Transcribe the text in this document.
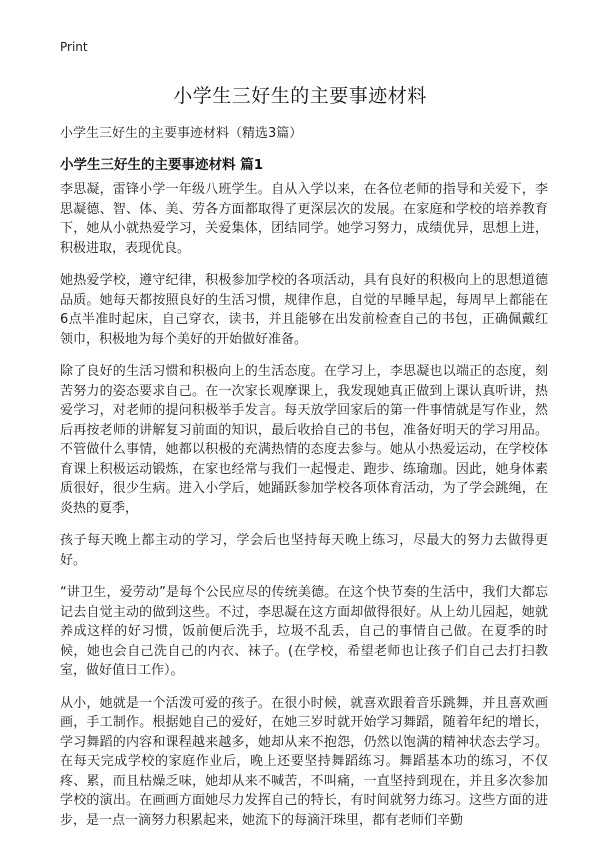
Print
小学生三好生的主要事迹材料
小学生三好生的主要事迹材料（精选3篇）
小学生三好生的主要事迹材料 篇1

李思凝，雷锋小学一年级八班学生。自从入学以来，在各位老师的指导和关爱下，李思凝德、智、体、美、劳各方面都取得了更深层次的发展。在家庭和学校的培养教育下，她从小就热爱学习，关爱集体，团结同学。她学习努力，成绩优异，思想上进，积极进取，表现优良。

她热爱学校，遵守纪律，积极参加学校的各项活动，具有良好的积极向上的思想道德品质。她每天都按照良好的生活习惯，规律作息，自觉的早睡早起，每周早上都能在6点半准时起床，自己穿衣，读书，并且能够在出发前检查自己的书包，正确佩戴红领巾，积极地为每个美好的开始做好准备。

除了良好的生活习惯和积极向上的生活态度。在学习上，李思凝也以端正的态度，刻苦努力的姿态要求自己。在一次家长观摩课上，我发现她真正做到上课认真听讲，热爱学习，对老师的提问积极举手发言。每天放学回家后的第一件事情就是写作业，然后再按老师的讲解复习前面的知识，最后收拾自己的书包，准备好明天的学习用品。不管做什么事情，她都以积极的充满热情的态度去参与。她从小热爱运动，在学校体育课上积极运动锻炼，在家也经常与我们一起慢走、跑步、练瑜珈。因此，她身体素质很好，很少生病。进入小学后，她踊跃参加学校各项体育活动，为了学会跳绳，在炎热的夏季，

孩子每天晚上都主动的学习，学会后也坚持每天晚上练习，尽最大的努力去做得更好。

“讲卫生，爱劳动”是每个公民应尽的传统美德。在这个快节奏的生活中，我们大都忘记去自觉主动的做到这些。不过，李思凝在这方面却做得很好。从上幼儿园起，她就养成这样的好习惯，饭前便后洗手，垃圾不乱丢，自己的事情自己做。在夏季的时候，她也会自己洗自己的内衣、袜子。(在学校，希望老师也让孩子们自己去打扫教室，做好值日工作）。

从小，她就是一个活泼可爱的孩子。在很小时候，就喜欢跟着音乐跳舞，并且喜欢画画，手工制作。根据她自己的爱好，在她三岁时就开始学习舞蹈，随着年纪的增长，学习舞蹈的内容和课程越来越多，她却从来不抱怨，仍然以饱满的精神状态去学习。在每天完成学校的家庭作业后，晚上还要坚持舞蹈练习。舞蹈基本功的练习，不仅疼、累，而且枯燥乏味，她却从来不喊苦，不叫痛，一直坚持到现在，并且多次参加学校的演出。在画画方面她尽力发挥自己的特长，有时间就努力练习。这些方面的进步，是一点一滴努力积累起来，她流下的每滴汗珠里，都有老师们辛勤
